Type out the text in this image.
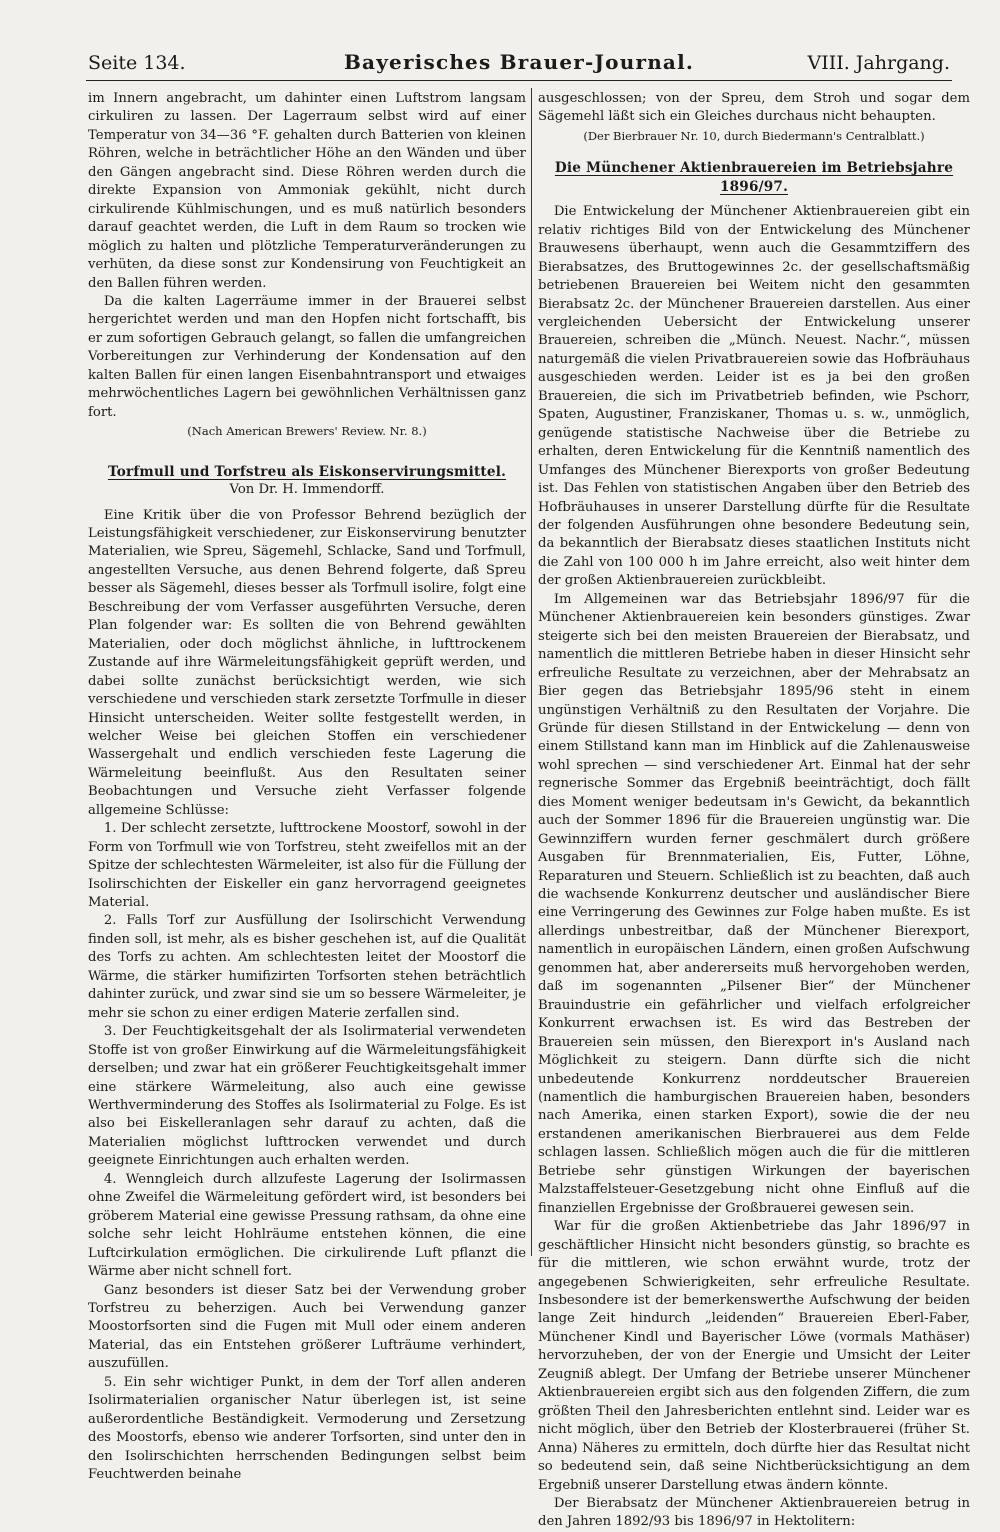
Seite 134.	Bayerisches Brauer-Journal.	VIII. Jahrgang.

im Innern angebracht, um dahinter einen Luftstrom langsam cirkuliren zu lassen. Der Lagerraum selbst wird auf einer Temperatur von 34—36 °F. gehalten durch Batterien von kleinen Röhren, welche in beträchtlicher Höhe an den Wänden und über den Gängen angebracht sind. Diese Röhren werden durch die direkte Expansion von Ammoniak gekühlt, nicht durch cirkulirende Kühlmischungen, und es muß natürlich besonders darauf geachtet werden, die Luft in dem Raum so trocken wie möglich zu halten und plötzliche Temperaturveränderungen zu verhüten, da diese sonst zur Kondensirung von Feuchtigkeit an den Ballen führen werden.

Da die kalten Lagerräume immer in der Brauerei selbst hergerichtet werden und man den Hopfen nicht fortschafft, bis er zum sofortigen Gebrauch gelangt, so fallen die umfangreichen Vorbereitungen zur Verhinderung der Kondensation auf den kalten Ballen für einen langen Eisenbahntransport und etwaiges mehrwöchentliches Lagern bei gewöhnlichen Verhältnissen ganz fort.

(Nach American Brewers' Review. Nr. 8.)

Torfmull und Torfstreu als Eiskonservirungsmittel.

Von Dr. H. Immendorff.

Eine Kritik über die von Professor Behrend bezüglich der Leistungsfähigkeit verschiedener, zur Eiskonservirung benutzter Materialien, wie Spreu, Sägemehl, Schlacke, Sand und Torfmull, angestellten Versuche, aus denen Behrend folgerte, daß Spreu besser als Sägemehl, dieses besser als Torfmull isolire, folgt eine Beschreibung der vom Verfasser ausgeführten Versuche, deren Plan folgender war: Es sollten die von Behrend gewählten Materialien, oder doch möglichst ähnliche, in lufttrockenem Zustande auf ihre Wärmeleitungsfähigkeit geprüft werden, und dabei sollte zunächst berücksichtigt werden, wie sich verschiedene und verschieden stark zersetzte Torfmulle in dieser Hinsicht unterscheiden. Weiter sollte festgestellt werden, in welcher Weise bei gleichen Stoffen ein verschiedener Wassergehalt und endlich verschieden feste Lagerung die Wärmeleitung beeinflußt. Aus den Resultaten seiner Beobachtungen und Versuche zieht Verfasser folgende allgemeine Schlüsse:

1. Der schlecht zersetzte, lufttrockene Moostorf, sowohl in der Form von Torfmull wie von Torfstreu, steht zweifellos mit an der Spitze der schlechtesten Wärmeleiter, ist also für die Füllung der Isolirschichten der Eiskeller ein ganz hervorragend geeignetes Material.

2. Falls Torf zur Ausfüllung der Isolirschicht Verwendung finden soll, ist mehr, als es bisher geschehen ist, auf die Qualität des Torfs zu achten. Am schlechtesten leitet der Moostorf die Wärme, die stärker humifizirten Torfsorten stehen beträchtlich dahinter zurück, und zwar sind sie um so bessere Wärmeleiter, je mehr sie schon zu einer erdigen Materie zerfallen sind.

3. Der Feuchtigkeitsgehalt der als Isolirmaterial verwendeten Stoffe ist von großer Einwirkung auf die Wärmeleitungsfähigkeit derselben; und zwar hat ein größerer Feuchtigkeitsgehalt immer eine stärkere Wärmeleitung, also auch eine gewisse Werthverminderung des Stoffes als Isolirmaterial zu Folge. Es ist also bei Eiskelleranlagen sehr darauf zu achten, daß die Materialien möglichst lufttrocken verwendet und durch geeignete Einrichtungen auch erhalten werden.

4. Wenngleich durch allzufeste Lagerung der Isolirmassen ohne Zweifel die Wärmeleitung gefördert wird, ist besonders bei gröberem Material eine gewisse Pressung rathsam, da ohne eine solche sehr leicht Hohlräume entstehen können, die eine Luftcirkulation ermöglichen. Die cirkulirende Luft pflanzt die Wärme aber nicht schnell fort.

Ganz besonders ist dieser Satz bei der Verwendung grober Torfstreu zu beherzigen. Auch bei Verwendung ganzer Moostorfsorten sind die Fugen mit Mull oder einem anderen Material, das ein Entstehen größerer Lufträume verhindert, auszufüllen.

5. Ein sehr wichtiger Punkt, in dem der Torf allen anderen Isolirmaterialien organischer Natur überlegen ist, ist seine außerordentliche Beständigkeit. Vermoderung und Zersetzung des Moostorfs, ebenso wie anderer Torfsorten, sind unter den in den Isolirschichten herrschenden Bedingungen selbst beim Feuchtwerden beinahe

ausgeschlossen; von der Spreu, dem Stroh und sogar dem Sägemehl läßt sich ein Gleiches durchaus nicht behaupten.

(Der Bierbrauer Nr. 10, durch Biedermann's Centralblatt.)

Die Münchener Aktienbrauereien im Betriebsjahre 1896/97.

Die Entwickelung der Münchener Aktienbrauereien gibt ein relativ richtiges Bild von der Entwickelung des Münchener Brauwesens überhaupt, wenn auch die Gesammtziffern des Bierabsatzes, des Bruttogewinnes 2c. der gesellschaftsmäßig betriebenen Brauereien bei Weitem nicht den gesammten Bierabsatz 2c. der Münchener Brauereien darstellen. Aus einer vergleichenden Uebersicht der Entwickelung unserer Brauereien, schreiben die „Münch. Neuest. Nachr.“, müssen naturgemäß die vielen Privatbrauereien sowie das Hofbräuhaus ausgeschieden werden. Leider ist es ja bei den großen Brauereien, die sich im Privatbetrieb befinden, wie Pschorr, Spaten, Augustiner, Franziskaner, Thomas u. s. w., unmöglich, genügende statistische Nachweise über die Betriebe zu erhalten, deren Entwickelung für die Kenntniß namentlich des Umfanges des Münchener Bierexports von großer Bedeutung ist. Das Fehlen von statistischen Angaben über den Betrieb des Hofbräuhauses in unserer Darstellung dürfte für die Resultate der folgenden Ausführungen ohne besondere Bedeutung sein, da bekanntlich der Bierabsatz dieses staatlichen Instituts nicht die Zahl von 100 000 h im Jahre erreicht, also weit hinter dem der großen Aktienbrauereien zurückbleibt.

Im Allgemeinen war das Betriebsjahr 1896/97 für die Münchener Aktienbrauereien kein besonders günstiges. Zwar steigerte sich bei den meisten Brauereien der Bierabsatz, und namentlich die mittleren Betriebe haben in dieser Hinsicht sehr erfreuliche Resultate zu verzeichnen, aber der Mehrabsatz an Bier gegen das Betriebsjahr 1895/96 steht in einem ungünstigen Verhältniß zu den Resultaten der Vorjahre. Die Gründe für diesen Stillstand in der Entwickelung — denn von einem Stillstand kann man im Hinblick auf die Zahlenausweise wohl sprechen — sind verschiedener Art. Einmal hat der sehr regnerische Sommer das Ergebniß beeinträchtigt, doch fällt dies Moment weniger bedeutsam in's Gewicht, da bekanntlich auch der Sommer 1896 für die Brauereien ungünstig war. Die Gewinnziffern wurden ferner geschmälert durch größere Ausgaben für Brennmaterialien, Eis, Futter, Löhne, Reparaturen und Steuern. Schließlich ist zu beachten, daß auch die wachsende Konkurrenz deutscher und ausländischer Biere eine Verringerung des Gewinnes zur Folge haben mußte. Es ist allerdings unbestreitbar, daß der Münchener Bierexport, namentlich in europäischen Ländern, einen großen Aufschwung genommen hat, aber andererseits muß hervorgehoben werden, daß im sogenannten „Pilsener Bier“ der Münchener Brauindustrie ein gefährlicher und vielfach erfolgreicher Konkurrent erwachsen ist. Es wird das Bestreben der Brauereien sein müssen, den Bierexport in's Ausland nach Möglichkeit zu steigern. Dann dürfte sich die nicht unbedeutende Konkurrenz norddeutscher Brauereien (namentlich die hamburgischen Brauereien haben, besonders nach Amerika, einen starken Export), sowie die der neu erstandenen amerikanischen Bierbrauerei aus dem Felde schlagen lassen. Schließlich mögen auch die für die mittleren Betriebe sehr günstigen Wirkungen der bayerischen Malzstaffelsteuer-Gesetzgebung nicht ohne Einfluß auf die finanziellen Ergebnisse der Großbrauerei gewesen sein.

War für die großen Aktienbetriebe das Jahr 1896/97 in geschäftlicher Hinsicht nicht besonders günstig, so brachte es für die mittleren, wie schon erwähnt wurde, trotz der angegebenen Schwierigkeiten, sehr erfreuliche Resultate. Insbesondere ist der bemerkenswerthe Aufschwung der beiden lange Zeit hindurch „leidenden“ Brauereien Eberl-Faber, Münchener Kindl und Bayerischer Löwe (vormals Mathäser) hervorzuheben, der von der Energie und Umsicht der Leiter Zeugniß ablegt. Der Umfang der Betriebe unserer Münchener Aktienbrauereien ergibt sich aus den folgenden Ziffern, die zum größten Theil den Jahresberichten entlehnt sind. Leider war es nicht möglich, über den Betrieb der Klosterbrauerei (früher St. Anna) Näheres zu ermitteln, doch dürfte hier das Resultat nicht so bedeutend sein, daß seine Nichtberücksichtigung an dem Ergebniß unserer Darstellung etwas ändern könnte.

Der Bierabsatz der Münchener Aktienbrauereien betrug in den Jahren 1892/93 bis 1896/97 in Hektolitern:
